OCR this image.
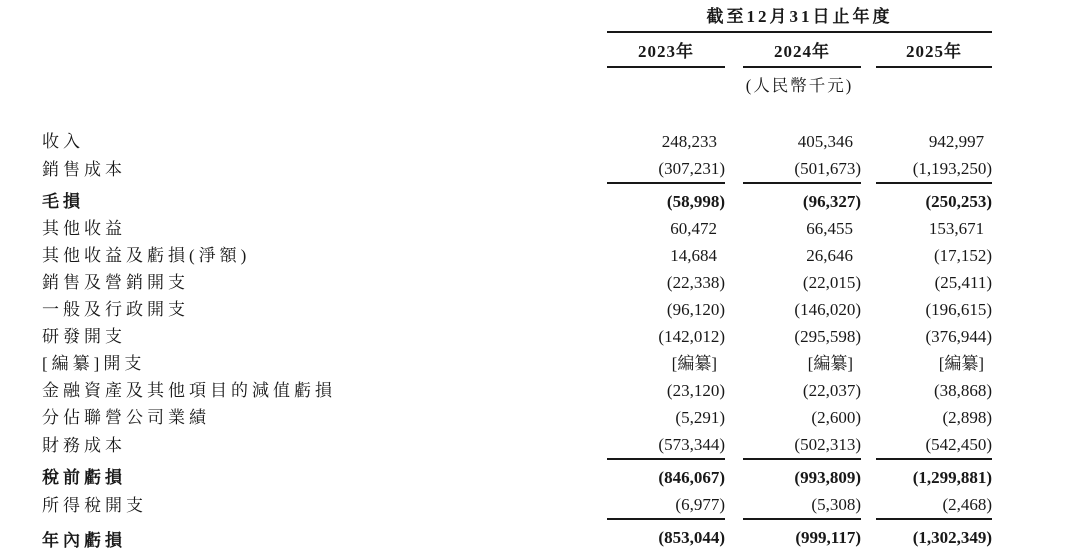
	截至12月31日止年度				
	2023年		2024年		2025年
	(人民幣千元)				
收入	248,233		405,346		942,997
銷售成本	(307,231)		(501,673)		(1,193,250)
毛損	(58,998)		(96,327)		(250,253)
其他收益	60,472		66,455		153,671
其他收益及虧損(淨額)	14,684		26,646		(17,152)
銷售及營銷開支	(22,338)		(22,015)		(25,411)
一般及行政開支	(96,120)		(146,020)		(196,615)
研發開支	(142,012)		(295,598)		(376,944)
[編纂]開支	[編纂]		[編纂]		[編纂]
金融資產及其他項目的減值虧損	(23,120)		(22,037)		(38,868)
分佔聯營公司業績	(5,291)		(2,600)		(2,898)
財務成本	(573,344)		(502,313)		(542,450)
稅前虧損	(846,067)		(993,809)		(1,299,881)
所得稅開支	(6,977)		(5,308)		(2,468)
年內虧損	(853,044)		(999,117)		(1,302,349)
